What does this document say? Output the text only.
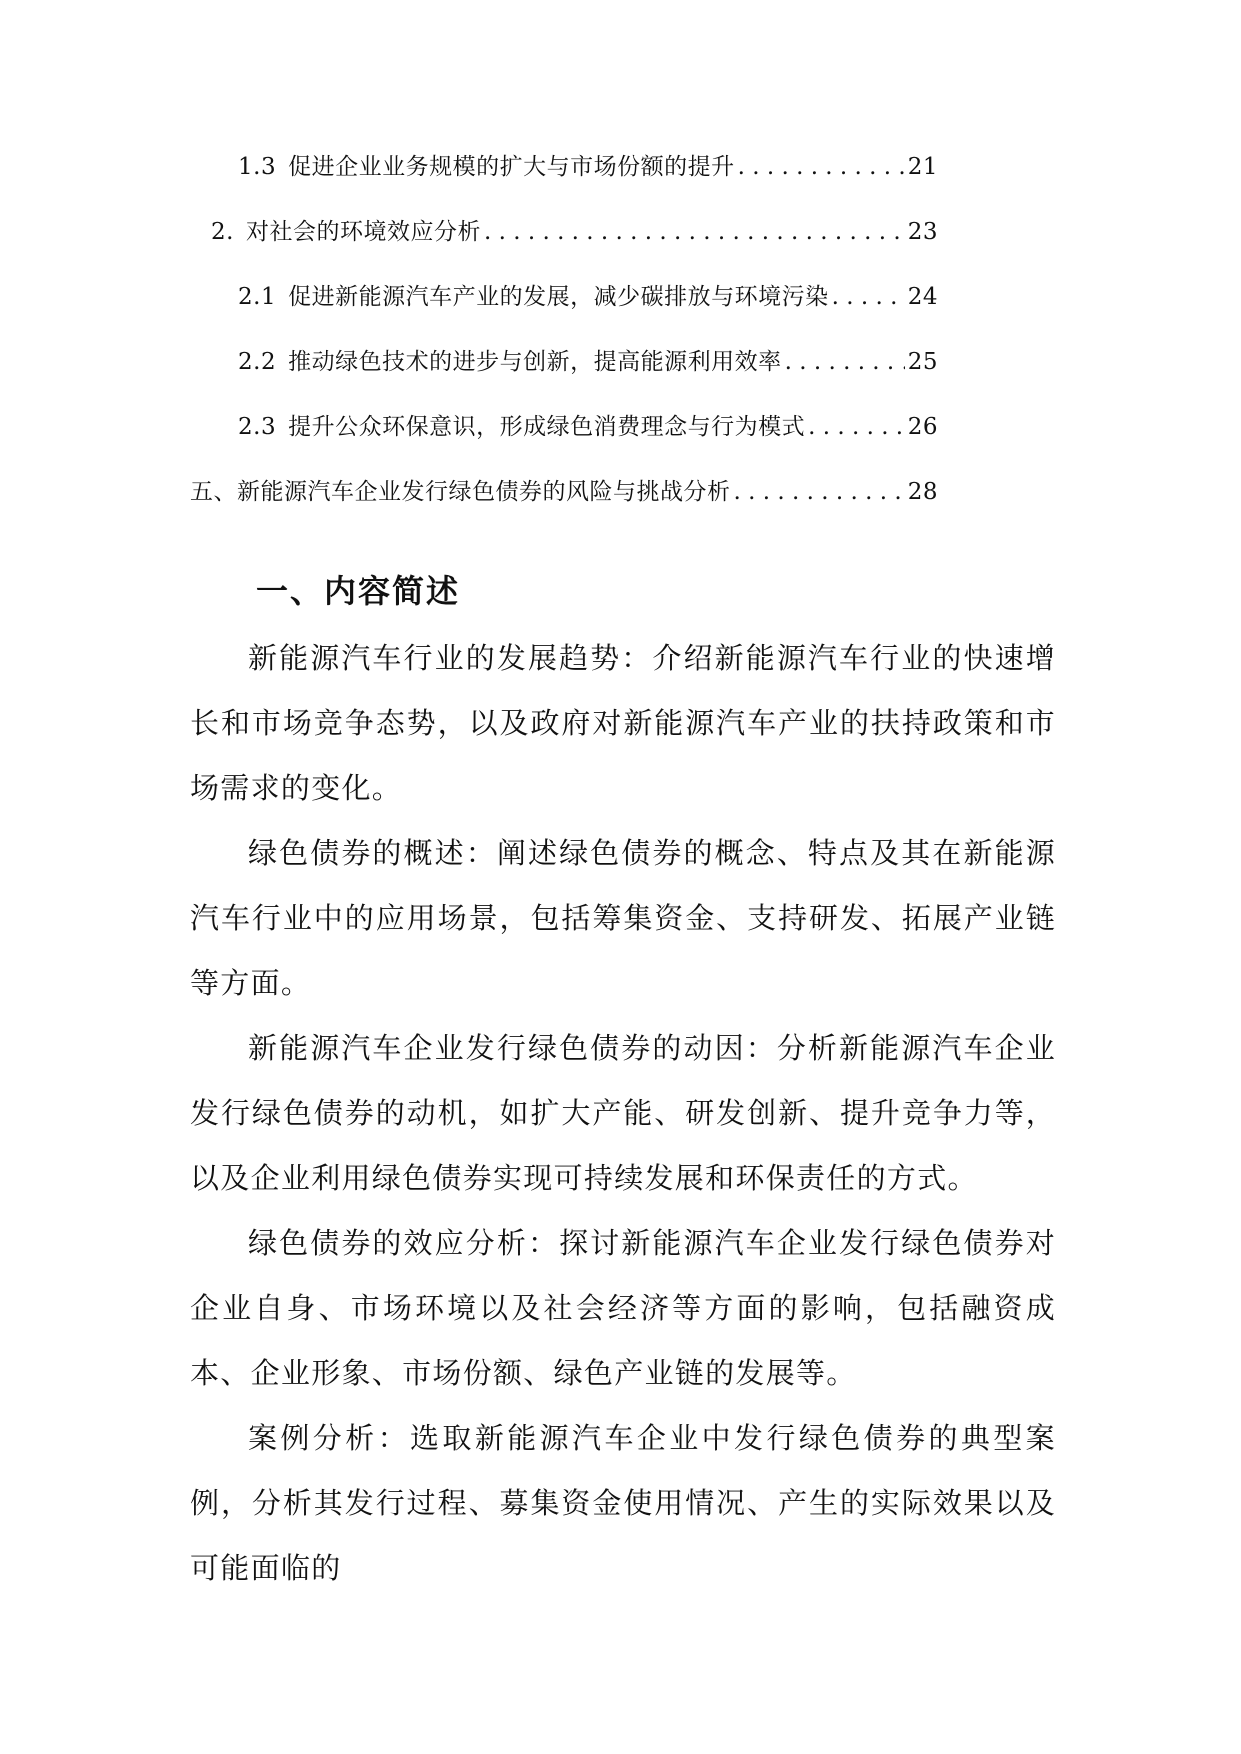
1.3 促进企业业务规模的扩大与市场份额的提升 . . .	21
2. 对社会的环境效应分析 . . .	23
2.1 促进新能源汽车产业的发展，减少碳排放与环境污染 . . .	24
2.2 推动绿色技术的进步与创新，提高能源利用效率 . . .	25
2.3 提升公众环保意识，形成绿色消费理念与行为模式 . . .	26
五、新能源汽车企业发行绿色债券的风险与挑战分析 . . .	28
一、内容简述

新能源汽车行业的发展趋势：介绍新能源汽车行业的快速增长和市场竞争态势，以及政府对新能源汽车产业的扶持政策和市场需求的变化。

绿色债券的概述：阐述绿色债券的概念、特点及其在新能源汽车行业中的应用场景，包括筹集资金、支持研发、拓展产业链等方面。

新能源汽车企业发行绿色债券的动因：分析新能源汽车企业发行绿色债券的动机，如扩大产能、研发创新、提升竞争力等，以及企业利用绿色债券实现可持续发展和环保责任的方式。

绿色债券的效应分析：探讨新能源汽车企业发行绿色债券对企业自身、市场环境以及社会经济等方面的影响，包括融资成本、企业形象、市场份额、绿色产业链的发展等。

案例分析：选取新能源汽车企业中发行绿色债券的典型案例，分析其发行过程、募集资金使用情况、产生的实际效果以及可能面临的
